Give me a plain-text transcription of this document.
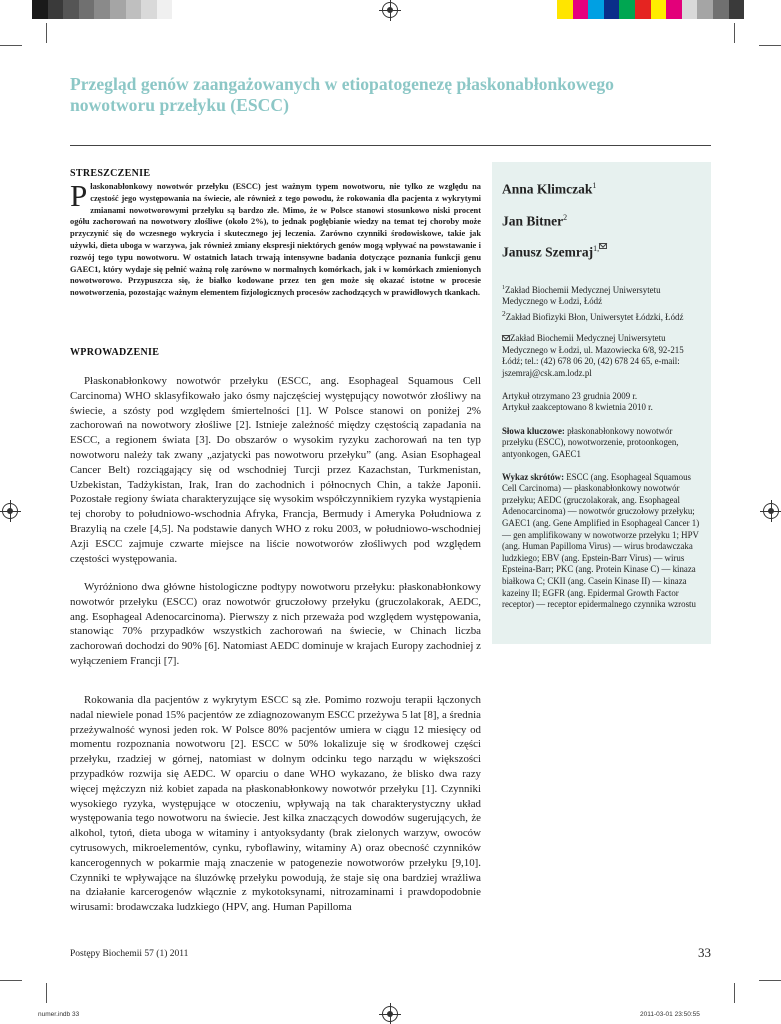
Przegląd genów zaangażowanych w etiopatogenezę płaskonabłonkowego nowotworu przełyku (ESCC)
STRESZCZENIE
Płaskonabłonkowy nowotwór przełyku (ESCC) jest ważnym typem nowotworu, nie tylko ze względu na częstość jego występowania na świecie, ale również z tego powodu, że rokowania dla pacjenta z wykrytymi zmianami nowotworowymi przełyku są bardzo złe. Mimo, że w Polsce stanowi stosunkowo niski procent ogółu zachorowań na nowotwory złośliwe (około 2%), to jednak pogłębianie wiedzy na temat tej choroby może przyczynić się do wczesnego wykrycia i skutecznego jej leczenia. Zarówno czynniki środowiskowe, takie jak używki, dieta uboga w warzywa, jak również zmiany ekspresji niektórych genów mogą wpływać na powstawanie i rozwój tego typu nowotworu. W ostatnich latach trwają intensywne badania dotyczące poznania funkcji genu GAEC1, który wydaje się pełnić ważną rolę zarówno w normalnych komórkach, jak i w komórkach zmienionych nowotworowo. Przypuszcza się, że białko kodowane przez ten gen może się okazać istotne w procesie nowotworzenia, pozostając ważnym elementem fizjologicznych procesów zachodzących w prawidłowych tkankach.
WPROWADZENIE

Płaskonabłonkowy nowotwór przełyku (ESCC, ang. Esophageal Squamous Cell Carcinoma) WHO sklasyfikowało jako ósmy najczęściej występujący nowotwór złośliwy na świecie, a szósty pod względem śmiertelności [1]. W Polsce stanowi on poniżej 2% zachorowań na nowotwory złośliwe [2]. Istnieje zależność między częstością zapadania na ESCC, a regionem świata [3]. Do obszarów o wysokim ryzyku zachorowań na ten typ nowotworu należy tak zwany „azjatycki pas nowotworu przełyku” (ang. Asian Esophageal Cancer Belt) rozciągający się od wschodniej Turcji przez Kazachstan, Turkmenistan, Uzbekistan, Tadżykistan, Irak, Iran do zachodnich i północnych Chin, a także Japonii. Pozostałe regiony świata charakteryzujące się wysokim współczynnikiem ryzyka wystąpienia tej choroby to południowo-wschodnia Afryka, Francja, Bermudy i Ameryka Południowa z Brazylią na czele [4,5]. Na podstawie danych WHO z roku 2003, w południowo-wschodniej Azji ESCC zajmuje czwarte miejsce na liście nowotworów złośliwych pod względem częstości występowania.

Wyróżniono dwa główne histologiczne podtypy nowotworu przełyku: płaskonabłonkowy nowotwór przełyku (ESCC) oraz nowotwór gruczołowy przełyku (gruczolakorak, AEDC, ang. Esophageal Adenocarcinoma). Pierwszy z nich przeważa pod względem występowania, stanowiąc 70% przypadków wszystkich zachorowań na świecie, w Chinach liczba zachorowań dochodzi do 90% [6]. Natomiast AEDC dominuje w krajach Europy zachodniej z wyłączeniem Francji [7].

Rokowania dla pacjentów z wykrytym ESCC są złe. Pomimo rozwoju terapii łączonych nadal niewiele ponad 15% pacjentów ze zdiagnozowanym ESCC przeżywa 5 lat [8], a średnia przeżywalność wynosi jeden rok. W Polsce 80% pacjentów umiera w ciągu 12 miesięcy od momentu rozpoznania nowotworu [2]. ESCC w 50% lokalizuje się w środkowej części przełyku, rzadziej w górnej, natomiast w dolnym odcinku tego narządu w większości przypadków rozwija się AEDC. W oparciu o dane WHO wykazano, że blisko dwa razy więcej mężczyzn niż kobiet zapada na płaskonabłonkowy nowotwór przełyku [1]. Czynniki wysokiego ryzyka, występujące w otoczeniu, wpływają na tak charakterystyczny układ występowania tego nowotworu na świecie. Jest kilka znaczących dowodów sugerujących, że alkohol, tytoń, dieta uboga w witaminy i antyoksydanty (brak zielonych warzyw, owoców cytrusowych, mikroelementów, cynku, ryboflawiny, witaminy A) oraz obecność czynników kancerogennych w pokarmie mają znaczenie w patogenezie nowotworów przełyku [9,10]. Czynniki te wpływające na śluzówkę przełyku powodują, że staje się ona bardziej wrażliwa na działanie karcerogenów włącznie z mykotoksynami, nitrozaminami i prawdopodobnie wirusami: brodawczaka ludzkiego (HPV, ang. Human Papilloma

Anna Klimczak$^1$
Jan Bitner$^2$
Janusz Szemraj$^{1,}$
$^1$Zakład Biochemii Medycznej Uniwersytetu Medycznego w Łodzi, Łódź
$^2$Zakład Biofizyki Błon, Uniwersytet Łódzki, Łódź
Zakład Biochemii Medycznej Uniwersytetu Medycznego w Łodzi, ul. Mazowiecka 6/8, 92-215 Łódź; tel.: (42) 678 06 20, (42) 678 24 65, e-mail: jszemraj@csk.am.lodz.pl
Artykuł otrzymano 23 grudnia 2009 r.
Artykuł zaakceptowano 8 kwietnia 2010 r.
Słowa kluczowe: płaskonabłonkowy nowotwór przełyku (ESCC), nowotworzenie, protoonkogen, antyonkogen, GAEC1
Wykaz skrótów: ESCC (ang. Esophageal Squamous Cell Carcinoma) — płaskonabłonkowy nowotwór przełyku; AEDC (gruczolakorak, ang. Esophageal Adenocarcinoma) — nowotwór gruczołowy przełyku; GAEC1 (ang. Gene Amplified in Esophageal Cancer 1) — gen amplifikowany w nowotworze przełyku 1; HPV (ang. Human Papilloma Virus) — wirus brodawczaka ludzkiego; EBV (ang. Epstein-Barr Virus) — wirus Epsteina-Barr; PKC (ang. Protein Kinase C) — kinaza białkowa C; CKII (ang. Casein Kinase II) — kinaza kazeiny II; EGFR (ang. Epidermal Growth Factor receptor) — receptor epidermalnego czynnika wzrostu
Postępy Biochemii 57 (1) 2011	33
numer.indb 33	2011-03-01 23:50:55
